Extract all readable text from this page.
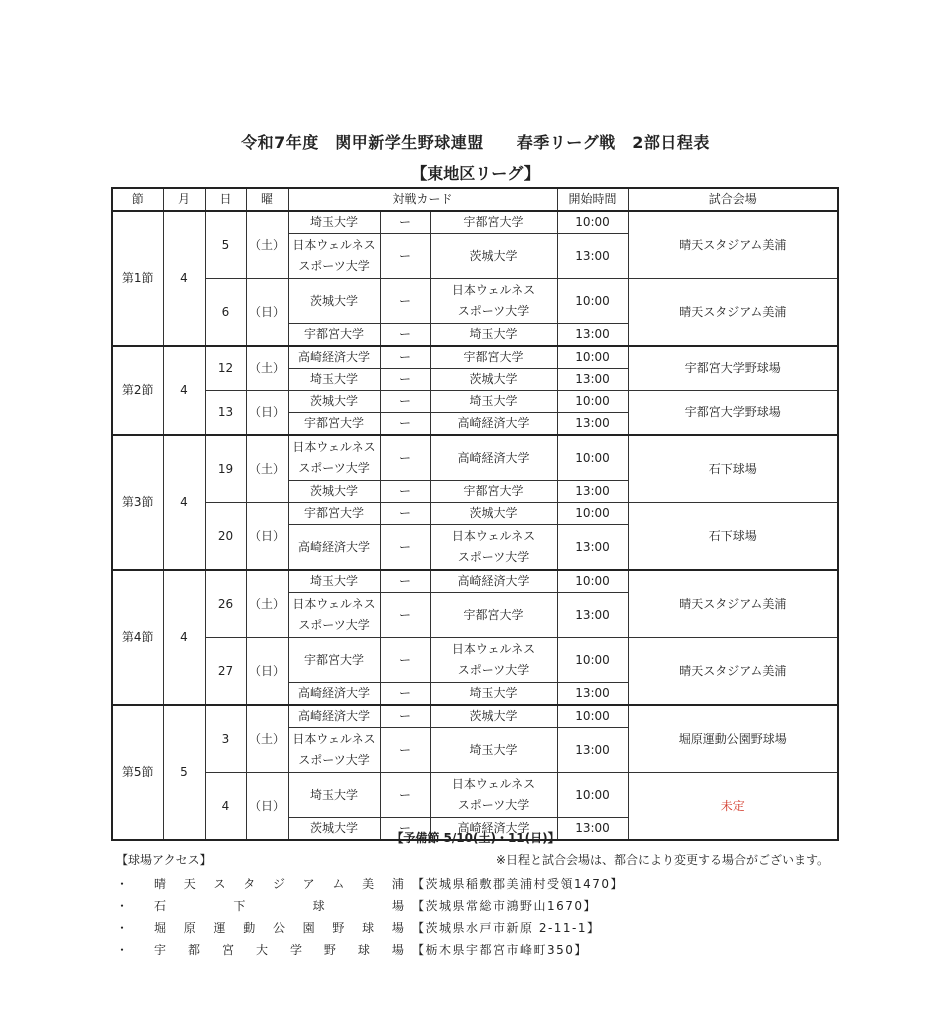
令和7年度　関甲新学生野球連盟　　春季リーグ戦　2部日程表
【東地区リーグ】
節	月	日	曜	対戦カード			開始時間	試合会場
第1節	4	5	（土）	埼玉大学	ー	宇都宮大学	10:00	晴天スタジアム美浦
				日本ウェルネス
スポーツ大学	ー	茨城大学	13:00	
		6	（日）	茨城大学	ー	日本ウェルネス
スポーツ大学	10:00	晴天スタジアム美浦
				宇都宮大学	ー	埼玉大学	13:00	
第2節	4	12	（土）	高崎経済大学	ー	宇都宮大学	10:00	宇都宮大学野球場
				埼玉大学	ー	茨城大学	13:00	
		13	（日）	茨城大学	ー	埼玉大学	10:00	宇都宮大学野球場
				宇都宮大学	ー	高崎経済大学	13:00	
第3節	4	19	（土）	日本ウェルネス
スポーツ大学	ー	高崎経済大学	10:00	石下球場
				茨城大学	ー	宇都宮大学	13:00	
		20	（日）	宇都宮大学	ー	茨城大学	10:00	石下球場
				高崎経済大学	ー	日本ウェルネス
スポーツ大学	13:00	
第4節	4	26	（土）	埼玉大学	ー	高崎経済大学	10:00	晴天スタジアム美浦
				日本ウェルネス
スポーツ大学	ー	宇都宮大学	13:00	
		27	（日）	宇都宮大学	ー	日本ウェルネス
スポーツ大学	10:00	晴天スタジアム美浦
				高崎経済大学	ー	埼玉大学	13:00	
第5節	5	3	（土）	高崎経済大学	ー	茨城大学	10:00	堀原運動公園野球場
				日本ウェルネス
スポーツ大学	ー	埼玉大学	13:00	
		4	（日）	埼玉大学	ー	日本ウェルネス
スポーツ大学	10:00	未定
				茨城大学	ー	高崎経済大学	13:00	
【予備節 5/10(土)・11(日)】
【球場アクセス】	※日程と試合会場は、都合により変更する場合がございます。
・	晴 天 ス タ ジ ア ム 美 浦 【茨城県稲敷郡美浦村受領1470】
・	石	下	球	場 【茨城県常総市鴻野山1670】
・	堀 原 運 動 公 園 野 球 場 【茨城県水戸市新原 2-11-1】
・	宇 都 宮 大 学 野 球 場 【栃木県宇都宮市峰町350】
